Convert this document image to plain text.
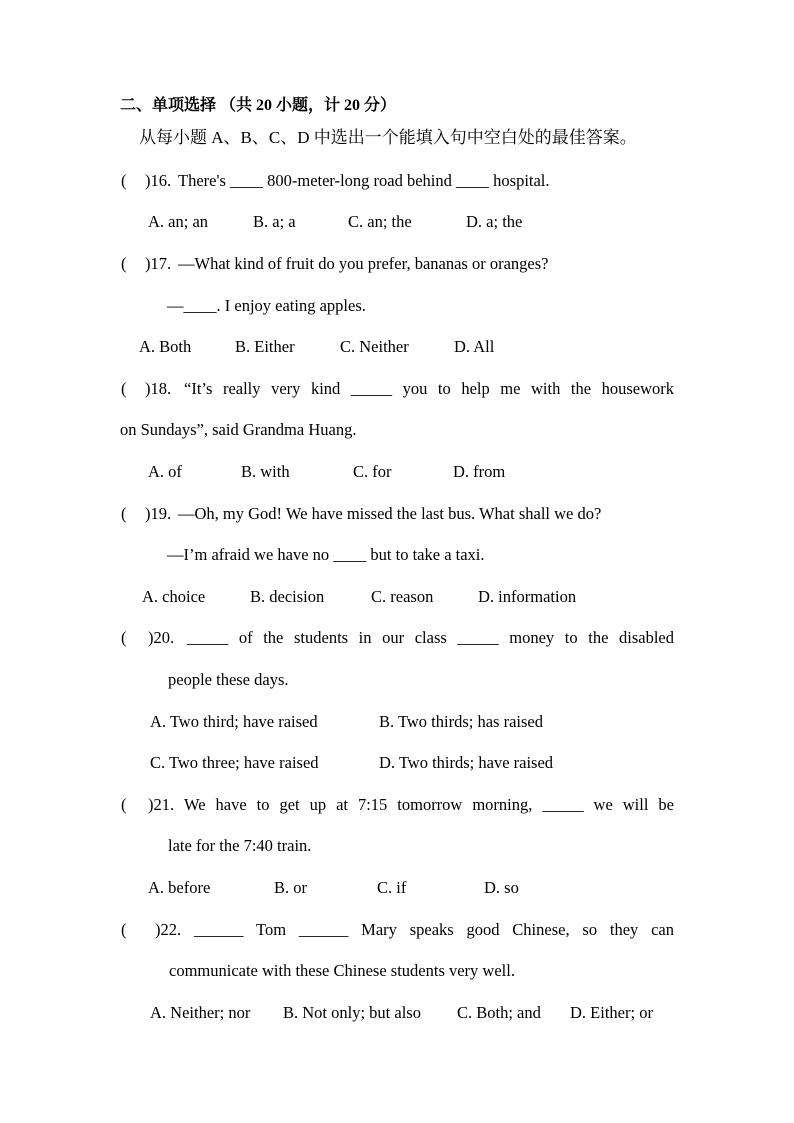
二、单项选择 （共 20 小题，计 20 分）
从每小题 A、B、C、D 中选出一个能填入句中空白处的最佳答案。
( )16. There's ____ 800-meter-long road behind ____ hospital.
A. an; an	B. a; a	C. an; the	D. a; the
( )17. —What kind of fruit do you prefer, bananas or oranges?
—____. I enjoy eating apples.
A. Both	B. Either	C. Neither	D. All
( )18. “It’s really very kind _____ you to help me with the housework
on Sundays”, said Grandma Huang.
A. of	B. with	C. for	D. from
( )19. —Oh, my God! We have missed the last bus. What shall we do?
—I’m afraid we have no ____ but to take a taxi.
A. choice	B. decision	C. reason	D. information
( )20. _____ of the students in our class _____ money to the disabled
people these days.
A. Two third; have raised	B. Two thirds; has raised
C. Two three; have raised	D. Two thirds; have raised
( )21. We have to get up at 7:15 tomorrow morning, _____ we will be
late for the 7:40 train.
A. before	B. or	C. if	D. so
( )22. ______ Tom ______ Mary speaks good Chinese, so they can
communicate with these Chinese students very well.
A. Neither; nor B. Not only; but also C. Both; and D. Either; or
